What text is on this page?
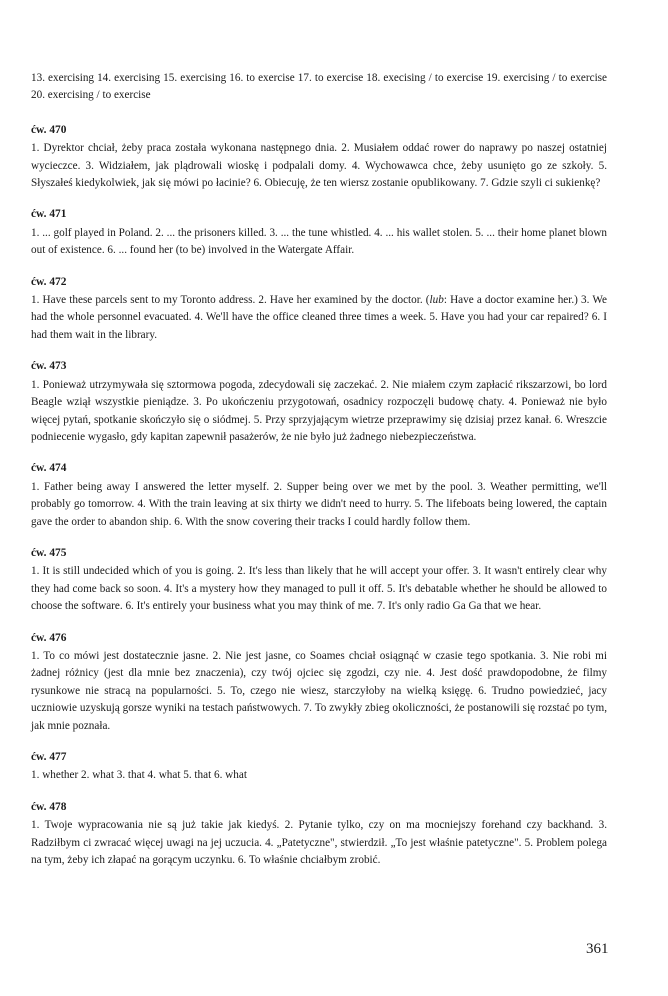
13. exercising 14. exercising 15. exercising 16. to exercise 17. to exercise 18. execising / to exercise 19. exercising / to exercise 20. exercising / to exercise

ćw. 470

1. Dyrektor chciał, żeby praca została wykonana następnego dnia. 2. Musiałem oddać rower do naprawy po naszej ostatniej wycieczce. 3. Widziałem, jak plądrowali wioskę i podpalali domy. 4. Wychowawca chce, żeby usunięto go ze szkoły. 5. Słyszałeś kiedykolwiek, jak się mówi po łacinie? 6. Obiecuję, że ten wiersz zostanie opublikowany. 7. Gdzie szyli ci sukienkę?

ćw. 471

1. ... golf played in Poland. 2. ... the prisoners killed. 3. ... the tune whistled. 4. ... his wallet stolen. 5. ... their home planet blown out of existence. 6. ... found her (to be) involved in the Watergate Affair.

ćw. 472

1. Have these parcels sent to my Toronto address. 2. Have her examined by the doctor. (lub: Have a doctor examine her.) 3. We had the whole personnel evacuated. 4. We'll have the office cleaned three times a week. 5. Have you had your car repaired? 6. I had them wait in the library.

ćw. 473

1. Ponieważ utrzymywała się sztormowa pogoda, zdecydowali się zaczekać. 2. Nie miałem czym zapłacić rikszarzowi, bo lord Beagle wziął wszystkie pieniądze. 3. Po ukończeniu przygotowań, osadnicy rozpoczęli budowę chaty. 4. Ponieważ nie było więcej pytań, spotkanie skończyło się o siódmej. 5. Przy sprzyjającym wietrze przeprawimy się dzisiaj przez kanał. 6. Wreszcie podniecenie wygasło, gdy kapitan zapewnił pasażerów, że nie było już żadnego niebezpieczeństwa.

ćw. 474

1. Father being away I answered the letter myself. 2. Supper being over we met by the pool. 3. Weather permitting, we'll probably go tomorrow. 4. With the train leaving at six thirty we didn't need to hurry. 5. The lifeboats being lowered, the captain gave the order to abandon ship. 6. With the snow covering their tracks I could hardly follow them.

ćw. 475

1. It is still undecided which of you is going. 2. It's less than likely that he will accept your offer. 3. It wasn't entirely clear why they had come back so soon. 4. It's a mystery how they managed to pull it off. 5. It's debatable whether he should be allowed to choose the software. 6. It's entirely your business what you may think of me. 7. It's only radio Ga Ga that we hear.

ćw. 476

1. To co mówi jest dostatecznie jasne. 2. Nie jest jasne, co Soames chciał osiągnąć w czasie tego spotkania. 3. Nie robi mi żadnej różnicy (jest dla mnie bez znaczenia), czy twój ojciec się zgodzi, czy nie. 4. Jest dość prawdopodobne, że filmy rysunkowe nie stracą na popularności. 5. To, czego nie wiesz, starczyłoby na wielką księgę. 6. Trudno powiedzieć, jacy uczniowie uzyskują gorsze wyniki na testach państwowych. 7. To zwykły zbieg okoliczności, że postanowili się rozstać po tym, jak mnie poznała.

ćw. 477

1. whether 2. what 3. that 4. what 5. that 6. what

ćw. 478

1. Twoje wypracowania nie są już takie jak kiedyś. 2. Pytanie tylko, czy on ma mocniejszy forehand czy backhand. 3. Radziłbym ci zwracać więcej uwagi na jej uczucia. 4. „Patetyczne", stwierdził. „To jest właśnie patetyczne". 5. Problem polega na tym, żeby ich złapać na gorącym uczynku. 6. To właśnie chciałbym zrobić.

361
